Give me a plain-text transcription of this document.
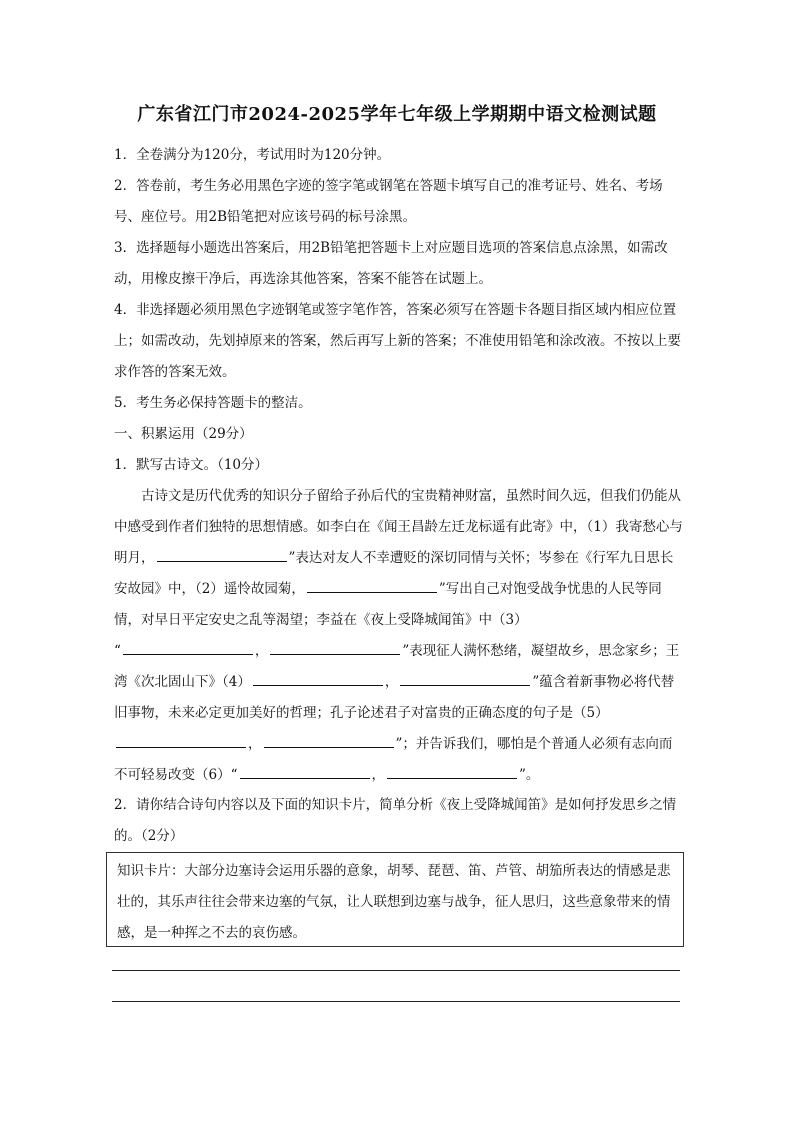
广东省江门市2024-2025学年七年级上学期期中语文检测试题
1．全卷满分为120分，考试用时为120分钟。
2．答卷前，考生务必用黑色字迹的签字笔或钢笔在答题卡填写自己的准考证号、姓名、考场号、座位号。用2B铅笔把对应该号码的标号涂黑。
3．选择题每小题选出答案后，用2B铅笔把答题卡上对应题目选项的答案信息点涂黑，如需改动，用橡皮擦干净后，再选涂其他答案，答案不能答在试题上。
4．非选择题必须用黑色字迹钢笔或签字笔作答，答案必须写在答题卡各题目指区域内相应位置上；如需改动，先划掉原来的答案，然后再写上新的答案；不准使用铅笔和涂改液。不按以上要求作答的答案无效。
5．考生务必保持答题卡的整洁。
一、积累运用（29分）
1．默写古诗文。（10分）
古诗文是历代优秀的知识分子留给子孙后代的宝贵精神财富，虽然时间久远，但我们仍能从中感受到作者们独特的思想情感。如李白在《闻王昌龄左迁龙标遥有此寄》中，（1）我寄愁心与明月，	”表达对友人不幸遭贬的深切同情与关怀；岑参在《行军九日思长安故园》中，（2）遥怜故园菊，	”写出自己对饱受战争忧患的人民等同情，对早日平定安史之乱等渴望；李益在《夜上受降城闻笛》中（3）
“	，	”表现征人满怀愁绪，凝望故乡，思念家乡；王湾《次北固山下》（4）	，	”蕴含着新事物必将代替旧事物，未来必定更加美好的哲理；孔子论述君子对富贵的正确态度的句子是（5）
，	”；并告诉我们，哪怕是个普通人必须有志向而不可轻易改变（6）“	，	”。
2．请你结合诗句内容以及下面的知识卡片，简单分析《夜上受降城闻笛》是如何抒发思乡之情的。（2分）
知识卡片：大部分边塞诗会运用乐器的意象，胡琴、琵琶、笛、芦管、胡笳所表达的情感是悲壮的，其乐声往往会带来边塞的气氛，让人联想到边塞与战争，征人思归，这些意象带来的情感，是一种挥之不去的哀伤感。
